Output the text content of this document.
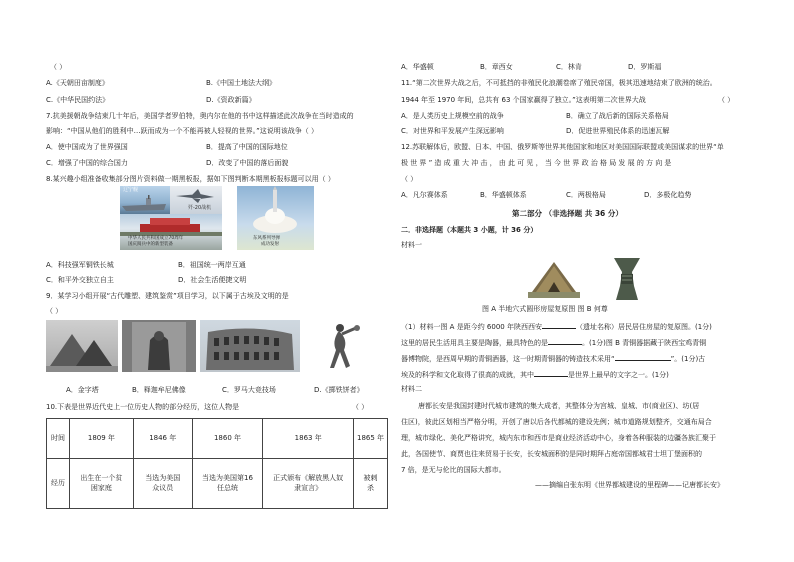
（ ）
A.《天朝田亩制度》	B.《中国土地法大纲》
C.《中华民国约法》	D.《资政新篇》
7.抗美援朝战争结束几十年后，美国学者罗伯特，奥内尔在他的书中这样描述此次战争在当时造成的
影响：“中国从他们的胜利中…跃而成为一个不能再被人轻视的世界。”这说明该战争（ ）
A．使中国成为了世界强国	B．提高了中国的国际地位
C．增强了中国的综合国力	D．改变了中国的落后面貌
8.某兴趣小组准备收集部分图片资料做一期黑板报，据如下图判断本期黑板报标题可以用（ ）
辽宁舰
歼-20战机
中华人民共和国成立70周年
国庆阅兵中的新型装备
东风系列导弹
成功发射
A．科技强军铜铁长城	B．祖国统一两岸互通
C．和平外交独立自主	D．社会生活便捷文明
9．某学习小组开展“古代雕塑、建筑鉴赏”项目学习，以下属于古埃及文明的是
（ ）
A．金字塔	B．释迦牟尼佛像	C．罗马大竞技场	D.《掷铁饼者》
10.下表是世界近代史上一位历史人物的部分经历，这位人物是	（ ）
时间	1809 年	1846 年	1860 年	1863 年	1865 年
经历	出生在一个贫困家庭	当选为美国众议员	当选为美国第16任总统	正式颁布《解放黑人奴隶宣言》	被刺杀
A．华盛顿	B．章西女	C．林肯	D．罗斯福
11.“第二次世界大战之后，不可抵挡的非殖民化浪潮卷席了殖民帝国，极其迅速地结束了欧洲的统治。
1944 年至 1970 年间，总共有 63 个国家赢得了独立。”这表明第二次世界大战	（ ）
A．是人类历史上规模空前的战争	B．确立了战后新的国际关系格局
C．对世界和平发展产生深远影响	D．促进世界殖民体系的迅速瓦解
12.苏联解体后，欧盟、日本、中国、俄罗斯等世界其他国家和地区对美国国际联盟或美国谋求的世界“单
极世界”造成重大冲击，由此可见，当今世界政治格局发展的方向是
（ ）
A．凡尔赛体系	B．华盛顿体系	C．两极格局	D．多极化趋势
第二部分 （非选择题 共 36 分）
二．非选择题（本题共 3 小题，计 36 分）
材料一
图 A 半地穴式圆形房屋复原图 图 B 何尊
（1）材料一图 A 是距今约 6000 年陕西西安	（遗址名称）居民居住房屋的复原图。(1分)
这里的居民生活用具主要是陶器，最具特色的是	。(1分)图 B 青铜器据藏于陕西宝鸡青铜
器博物院，是西周早期的青铜酒器，这一时期青铜器的铸造技术采用“	”。(1分)古
埃及的科学和文化取得了很高的成就，其中	是世界上最早的文字之一。(1分)
材料二
唐都长安是我国封建时代城市建筑的集大成者，其整体分为宫城、皇城、市(商业区)、坊(居
住区)，彼此区划相当严格分明，开创了唐以后各代都城的建设先例；城市道路规划整齐，交通布局合
理，城市绿化、美化严格讲究，城内东市和西市是商业经济活动中心，身着各种服装的边疆各族汇聚于
此，各国使节、商贾也往来贸易于长安，长安城面积的是同时期拜占庭帝国都城君士坦丁堡面积的
7 倍，是无与伦比的国际大都市。
——摘编自张东明《世界都城建设的里程碑——记唐都长安》
